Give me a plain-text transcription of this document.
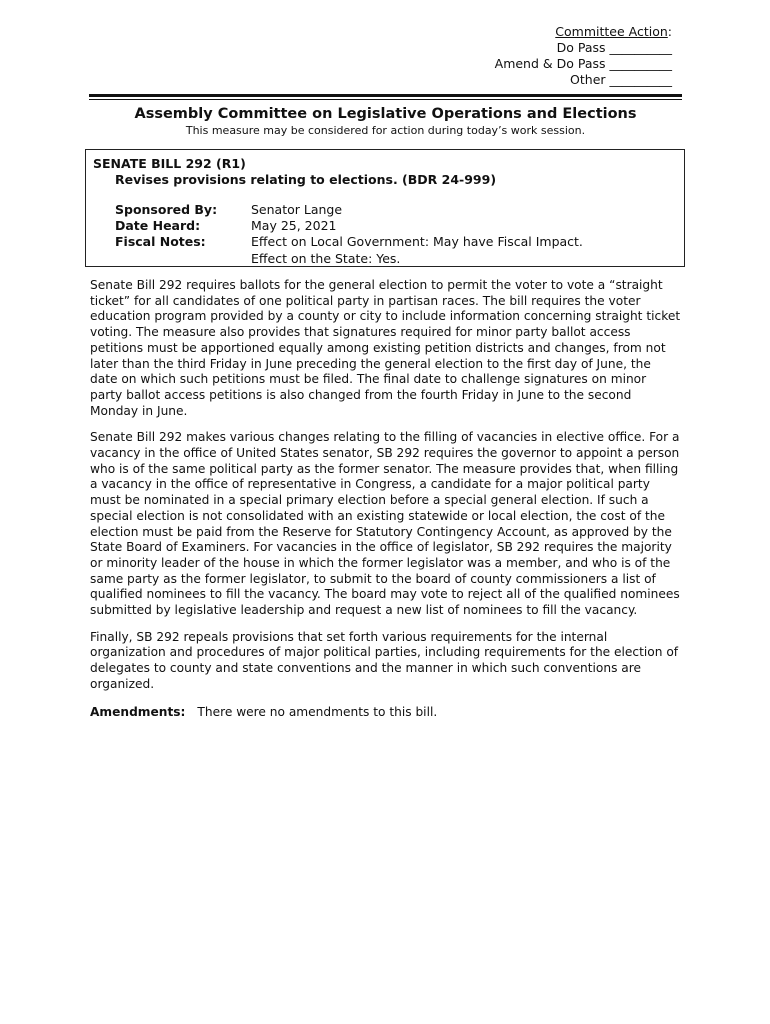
Committee Action:
Do Pass __________
Amend & Do Pass __________
Other __________
Assembly Committee on Legislative Operations and Elections
This measure may be considered for action during today’s work session.
SENATE BILL 292 (R1)
Revises provisions relating to elections. (BDR 24-999)
Sponsored By:	Senator Lange
Date Heard:	May 25, 2021
Fiscal Notes:	Effect on Local Government: May have Fiscal Impact.
Effect on the State: Yes.

Senate Bill 292 requires ballots for the general election to permit the voter to vote a “straight ticket” for all candidates of one political party in partisan races. The bill requires the voter education program provided by a county or city to include information concerning straight ticket voting. The measure also provides that signatures required for minor party ballot access petitions must be apportioned equally among existing petition districts and changes, from not later than the third Friday in June preceding the general election to the first day of June, the date on which such petitions must be filed. The final date to challenge signatures on minor party ballot access petitions is also changed from the fourth Friday in June to the second Monday in June.

Senate Bill 292 makes various changes relating to the filling of vacancies in elective office. For a vacancy in the office of United States senator, SB 292 requires the governor to appoint a person who is of the same political party as the former senator. The measure provides that, when filling a vacancy in the office of representative in Congress, a candidate for a major political party must be nominated in a special primary election before a special general election. If such a special election is not consolidated with an existing statewide or local election, the cost of the election must be paid from the Reserve for Statutory Contingency Account, as approved by the State Board of Examiners. For vacancies in the office of legislator, SB 292 requires the majority or minority leader of the house in which the former legislator was a member, and who is of the same party as the former legislator, to submit to the board of county commissioners a list of qualified nominees to fill the vacancy. The board may vote to reject all of the qualified nominees submitted by legislative leadership and request a new list of nominees to fill the vacancy.

Finally, SB 292 repeals provisions that set forth various requirements for the internal organization and procedures of major political parties, including requirements for the election of delegates to county and state conventions and the manner in which such conventions are organized.

Amendments: There were no amendments to this bill.
